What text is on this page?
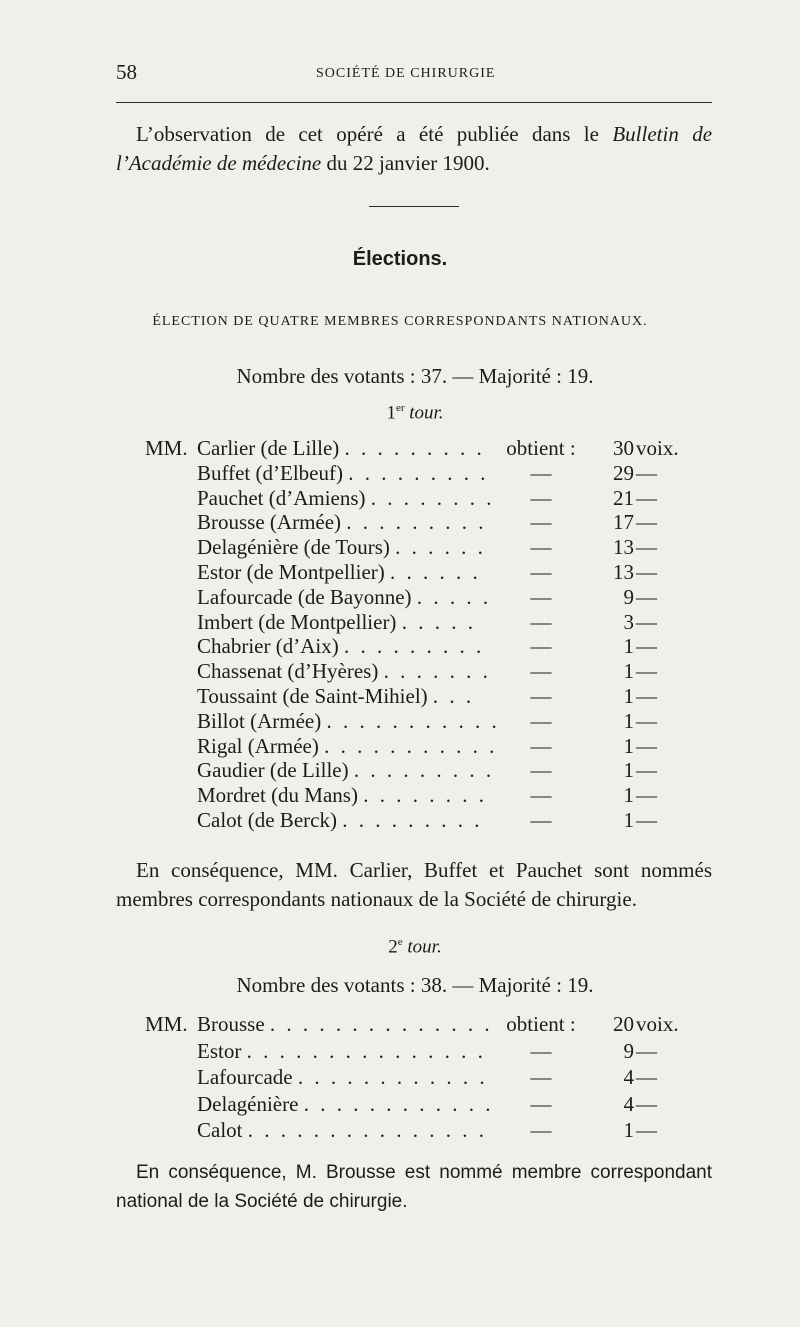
58	SOCIÉTÉ DE CHIRURGIE
L’observation de cet opéré a été publiée dans le Bulletin de l’Académie de médecine du 22 janvier 1900.
Élections.
ÉLECTION DE QUATRE MEMBRES CORRESPONDANTS NATIONAUX.
Nombre des votants : 37. — Majorité : 19.
1er tour.
MM. Carlier (de Lille) . . . . . . . . . obtient :	30 voix.
Buffet (d’Elbeuf) . . . . . . . . .	—	29 —
Pauchet (d’Amiens) . . . . . . . .	—	21 —
Brousse (Armée) . . . . . . . . .	—	17 —
Delagénière (de Tours) . . . . . .	—	13 —
Estor (de Montpellier) . . . . . .	—	13 —
Lafourcade (de Bayonne) . . . . .	—	9 —
Imbert (de Montpellier) . . . . .	—	3 —
Chabrier (d’Aix) . . . . . . . . .	—	1 —
Chassenat (d’Hyères) . . . . . . .	—	1 —
Toussaint (de Saint-Mihiel) . . .	—	1 —
Billot (Armée) . . . . . . . . . . .	—	1 —
Rigal (Armée) . . . . . . . . . . .	—	1 —
Gaudier (de Lille) . . . . . . . . .	—	1 —
Mordret (du Mans) . . . . . . . .	—	1 —
Calot (de Berck) . . . . . . . . .	—	1 —
En conséquence, MM. Carlier, Buffet et Pauchet sont nommés membres correspondants nationaux de la Société de chirurgie.
2e tour.
Nombre des votants : 38. — Majorité : 19.
MM. Brousse . . . . . . . . . . . . . . obtient :	20 voix.
Estor . . . . . . . . . . . . . . .	—	9 —
Lafourcade . . . . . . . . . . . .	—	4 —
Delagénière . . . . . . . . . . . .	—	4 —
Calot . . . . . . . . . . . . . . .	—	1 —
En conséquence, M. Brousse est nommé membre correspondant national de la Société de chirurgie.
